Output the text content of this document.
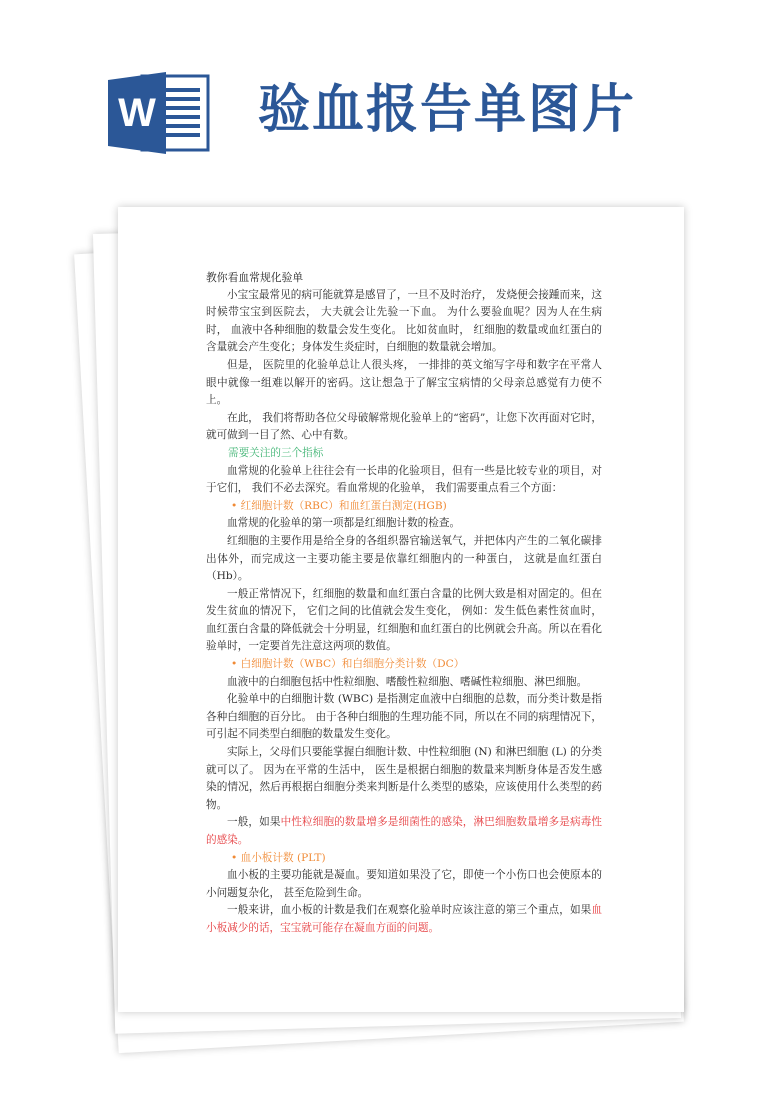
W 验血报告单图片

教你看血常规化验单

小宝宝最常见的病可能就算是感冒了，一旦不及时治疗， 发烧便会接踵而来，这时候带宝宝到医院去， 大夫就会让先验一下血。 为什么要验血呢？因为人在生病时， 血液中各种细胞的数量会发生变化。 比如贫血时， 红细胞的数量或血红蛋白的含量就会产生变化；身体发生炎症时，白细胞的数量就会增加。

但是， 医院里的化验单总让人很头疼， 一排排的英文缩写字母和数字在平常人眼中就像一组难以解开的密码。这让想急于了解宝宝病情的父母亲总感觉有力使不上。

在此， 我们将帮助各位父母破解常规化验单上的“密码”，让您下次再面对它时，就可做到一目了然、心中有数。

需要关注的三个指标

血常规的化验单上往往会有一长串的化验项目，但有一些是比较专业的项目，对于它们， 我们不必去深究。看血常规的化验单， 我们需要重点看三个方面：

• 红细胞计数（RBC）和血红蛋白测定(HGB)

血常规的化验单的第一项都是红细胞计数的检查。

红细胞的主要作用是给全身的各组织器官输送氧气，并把体内产生的二氧化碳排出体外，而完成这一主要功能主要是依靠红细胞内的一种蛋白， 这就是血红蛋白（Hb）。

一般正常情况下，红细胞的数量和血红蛋白含量的比例大致是相对固定的。但在发生贫血的情况下， 它们之间的比值就会发生变化， 例如：发生低色素性贫血时，血红蛋白含量的降低就会十分明显，红细胞和血红蛋白的比例就会升高。所以在看化验单时，一定要首先注意这两项的数值。

• 白细胞计数（WBC）和白细胞分类计数（DC）

血液中的白细胞包括中性粒细胞、嗜酸性粒细胞、嗜碱性粒细胞、淋巴细胞。

化验单中的白细胞计数 (WBC) 是指测定血液中白细胞的总数，而分类计数是指各种白细胞的百分比。 由于各种白细胞的生理功能不同，所以在不同的病理情况下，可引起不同类型白细胞的数量发生变化。

实际上，父母们只要能掌握白细胞计数、中性粒细胞 (N) 和淋巴细胞 (L) 的分类就可以了。 因为在平常的生活中， 医生是根据白细胞的数量来判断身体是否发生感染的情况，然后再根据白细胞分类来判断是什么类型的感染，应该使用什么类型的药物。

一般，如果中性粒细胞的数量增多是细菌性的感染，淋巴细胞数量增多是病毒性的感染。

• 血小板计数 (PLT)

血小板的主要功能就是凝血。要知道如果没了它，即使一个小伤口也会使原本的小问题复杂化， 甚至危险到生命。

一般来讲，血小板的计数是我们在观察化验单时应该注意的第三个重点，如果血小板减少的话，宝宝就可能存在凝血方面的问题。
